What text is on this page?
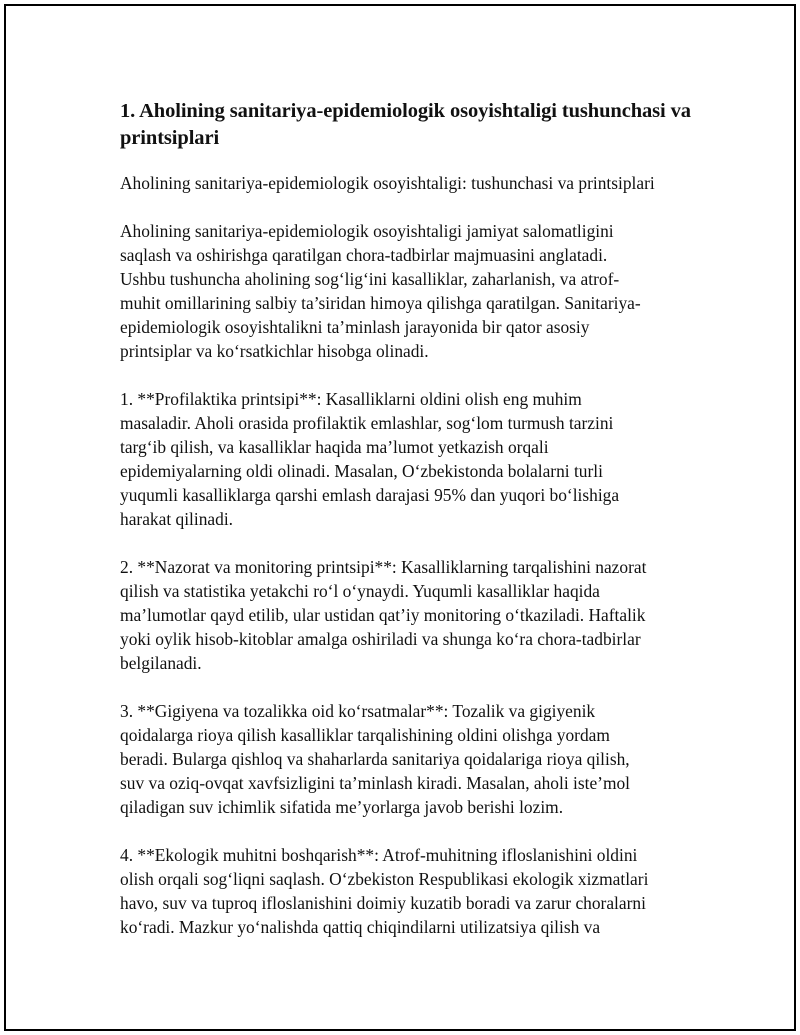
1. Aholining sanitariya-epidemiologik osoyishtaligi tushunchasi va printsiplari

Aholining sanitariya-epidemiologik osoyishtaligi: tushunchasi va printsiplari

Aholining sanitariya-epidemiologik osoyishtaligi jamiyat salomatligini
saqlash va oshirishga qaratilgan chora-tadbirlar majmuasini anglatadi.
Ushbu tushuncha aholining sog‘lig‘ini kasalliklar, zaharlanish, va atrof-
muhit omillarining salbiy ta’siridan himoya qilishga qaratilgan. Sanitariya-
epidemiologik osoyishtalikni ta’minlash jarayonida bir qator asosiy
printsiplar va ko‘rsatkichlar hisobga olinadi.

1. **Profilaktika printsipi**: Kasalliklarni oldini olish eng muhim
masaladir. Aholi orasida profilaktik emlashlar, sog‘lom turmush tarzini
targ‘ib qilish, va kasalliklar haqida ma’lumot yetkazish orqali
epidemiyalarning oldi olinadi. Masalan, O‘zbekistonda bolalarni turli
yuqumli kasalliklarga qarshi emlash darajasi 95% dan yuqori bo‘lishiga
harakat qilinadi.

2. **Nazorat va monitoring printsipi**: Kasalliklarning tarqalishini nazorat
qilish va statistika yetakchi ro‘l o‘ynaydi. Yuqumli kasalliklar haqida
ma’lumotlar qayd etilib, ular ustidan qat’iy monitoring o‘tkaziladi. Haftalik
yoki oylik hisob-kitoblar amalga oshiriladi va shunga ko‘ra chora-tadbirlar
belgilanadi.

3. **Gigiyena va tozalikka oid ko‘rsatmalar**: Tozalik va gigiyenik
qoidalarga rioya qilish kasalliklar tarqalishining oldini olishga yordam
beradi. Bularga qishloq va shaharlarda sanitariya qoidalariga rioya qilish,
suv va oziq-ovqat xavfsizligini ta’minlash kiradi. Masalan, aholi iste’mol
qiladigan suv ichimlik sifatida me’yorlarga javob berishi lozim.

4. **Ekologik muhitni boshqarish**: Atrof-muhitning ifloslanishini oldini
olish orqali sog‘liqni saqlash. O‘zbekiston Respublikasi ekologik xizmatlari
havo, suv va tuproq ifloslanishini doimiy kuzatib boradi va zarur choralarni
ko‘radi. Mazkur yo‘nalishda qattiq chiqindilarni utilizatsiya qilish va
